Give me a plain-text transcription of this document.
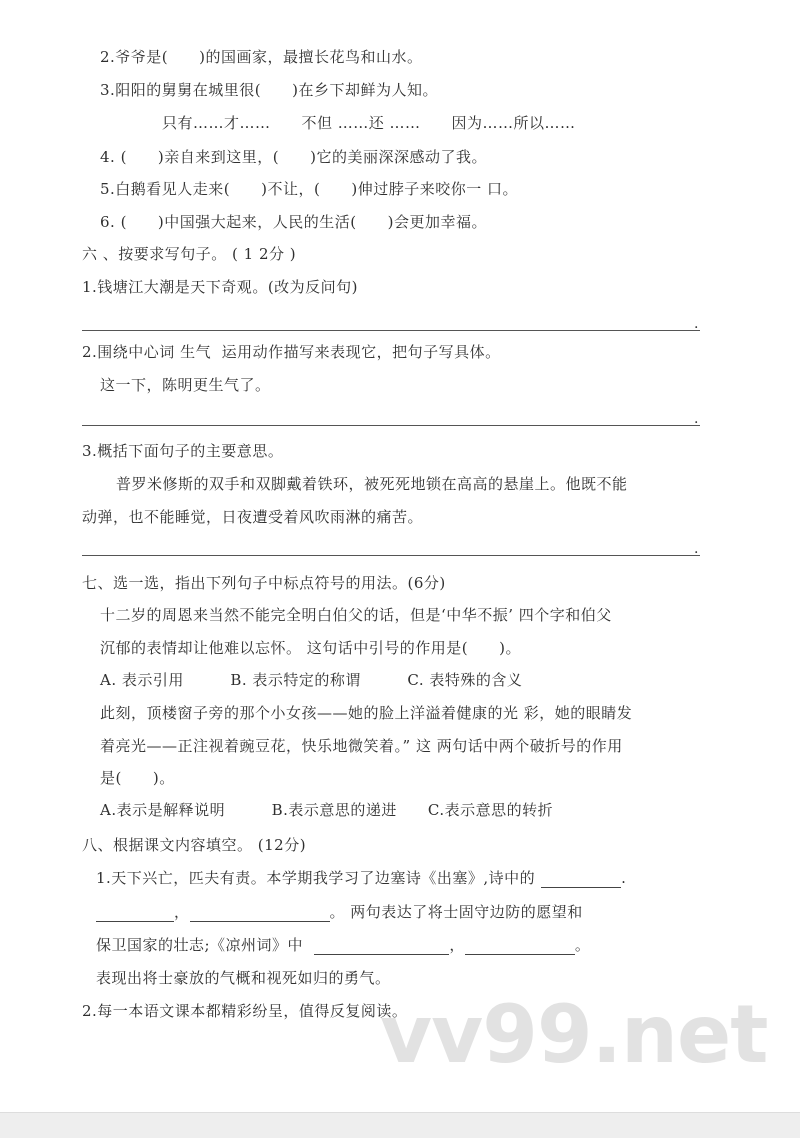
2.爷爷是(　　)的国画家，最擅长花鸟和山水。
3.阳阳的舅舅在城里很(　　)在乡下却鲜为人知。
只有……才……　　不但 ……还 ……　　因为……所以……
4. (　　)亲自来到这里，(　　)它的美丽深深感动了我。
5.白鹅看见人走来(　　)不让，(　　)伸过脖子来咬你一 口。
6. (　　)中国强大起来，人民的生活(　　)会更加幸福。
六 、按要求写句子。 ( 1 2分 )
1.钱塘江大潮是天下奇观。(改为反问句)
.
2.围绕中心词 生气  运用动作描写来表现它，把句子写具体。
这一下，陈明更生气了。
.
3.概括下面句子的主要意思。
普罗米修斯的双手和双脚戴着铁环，被死死地锁在高高的悬崖上。他既不能
动弹，也不能睡觉，日夜遭受着风吹雨淋的痛苦。
.
七、选一选，指出下列句子中标点符号的用法。(6分)
十二岁的周恩来当然不能完全明白伯父的话，但是‘中华不振’ 四个字和伯父
沉郁的表情却让他难以忘怀。 这句话中引号的作用是(　　)。
A. 表示引用　　　B. 表示特定的称谓　　　C. 表特殊的含义
此刻，顶楼窗子旁的那个小女孩——她的脸上洋溢着健康的光 彩，她的眼睛发
着亮光——正注视着豌豆花，快乐地微笑着。” 这 两句话中两个破折号的作用
是(　　)。
A.表示是解释说明　　　B.表示意思的递进　　C.表示意思的转折
八、根据课文内容填空。 (12分)
1.天下兴亡，匹夫有责。本学期我学习了边塞诗《出塞》,诗中的	.
，	。 两句表达了将士固守边防的愿望和
保卫国家的壮志;《凉州词》中	，	。
表现出将士豪放的气概和视死如归的勇气。
2.每一本语文课本都精彩纷呈，值得反复阅读。
vv99.net
